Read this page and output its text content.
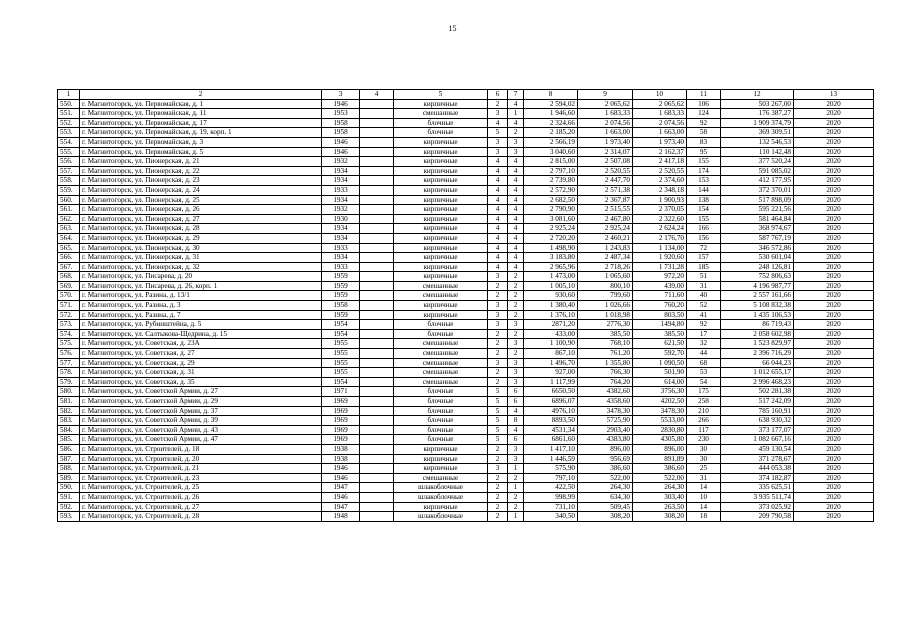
15
1	2	3	4	5	6	7	8	9	10	11	12	13
550.	г. Магнитогорск, ул. Первомайская, д. 1	1946		кирпичные	2	4	2 594,02	2 065,62	2 065,62	106	503 267,00	2020
551.	г. Магнитогорск, ул. Первомайская, д. 11	1953		смешанные	3	1	1 946,60	1 683,33	1 683,33	124	176 387,27	2020
552.	г. Магнитогорск, ул. Первомайская, д. 17	1958		блочные	4	4	2 324,66	2 074,56	2 074,56	92	1 909 374,79	2020
553.	г. Магнитогорск, ул. Первомайская, д. 19, корп. 1	1958		блочные	5	2	2 185,20	1 663,00	1 663,00	58	369 309,51	2020
554.	г. Магнитогорск, ул. Первомайская, д. 3	1946		кирпичные	3	3	2 566,19	1 973,40	1 973,40	83	132 546,53	2020
555.	г. Магнитогорск, ул. Первомайская, д. 5	1946		кирпичные	3	3	3 040,60	2 314,07	2 162,37	95	110 142,48	2020
556.	г. Магнитогорск, ул. Пионерская, д. 21	1932		кирпичные	4	4	2 815,00	2 507,08	2 417,18	155	377 520,24	2020
557.	г. Магнитогорск, ул. Пионерская, д. 22	1934		кирпичные	4	4	2 797,10	2 520,55	2 520,55	174	591 085,02	2020
558.	г. Магнитогорск, ул. Пионерская, д. 23	1934		кирпичные	4	4	2 739,80	2 447,70	2 374,60	153	412 177,95	2020
559.	г. Магнитогорск, ул. Пионерская, д. 24	1933		кирпичные	4	4	2 572,90	2 571,38	2 348,18	144	372 370,01	2020
560.	г. Магнитогорск, ул. Пионерская, д. 25	1934		кирпичные	4	4	2 682,50	2 367,87	1 900,93	138	517 898,09	2020
561.	г. Магнитогорск, ул. Пионерская, д. 26	1932		кирпичные	4	4	2 790,90	2 515,55	2 370,05	154	595 221,56	2020
562.	г. Магнитогорск, ул. Пионерская, д. 27	1930		кирпичные	4	4	3 081,60	2 467,80	2 322,60	155	581 464,84	2020
563.	г. Магнитогорск, ул. Пионерская, д. 28	1934		кирпичные	4	4	2 925,24	2 925,24	2 624,24	166	368 974,67	2020
564.	г. Магнитогорск, ул. Пионерская, д. 29	1934		кирпичные	4	4	2 720,20	2 460,21	2 176,70	156	587 767,19	2020
565.	г. Магнитогорск, ул. Пионерская, д. 30	1933		кирпичные	4	4	1 498,90	1 243,83	1 134,00	72	346 572,86	2020
566.	г. Магнитогорск, ул. Пионерская, д. 31	1934		кирпичные	4	4	3 183,80	2 487,34	1 920,60	157	530 601,04	2020
567.	г. Магнитогорск, ул. Пионерская, д. 32	1933		кирпичные	4	4	2 965,96	2 718,26	1 731,28	185	248 126,81	2020
568.	г. Магнитогорск, ул. Писарева, д. 20	1959		кирпичные	3	2	1 473,00	1 065,60	972,20	51	752 806,63	2020
569.	г. Магнитогорск, ул. Писарева, д. 26, корп. 1	1959		смешанные	2	2	1 005,10	800,10	439,00	31	4 196 987,77	2020
570.	г. Магнитогорск, ул. Разина, д. 13/1	1959		смешанные	2	2	930,60	799,60	711,60	40	2 557 161,66	2020
571.	г. Магнитогорск, ул. Разина, д. 3	1958		кирпичные	3	2	1 380,40	1 026,66	760,20	52	5 108 832,38	2020
572.	г. Магнитогорск, ул. Разина, д. 7	1959		кирпичные	3	2	1 376,10	1 018,98	803,50	41	1 435 106,53	2020
573.	г. Магнитогорск, ул. Рубинштейна, д. 5	1954		блочные	3	3	2871,20	2776,30	1494,80	92	86 719,43	2020
574.	г. Магнитогорск, ул. Салтыкова-Щедрина, д. 15	1954		блочные	2	2	433,00	385,50	385,50	17	2 058 602,98	2020
575.	г. Магнитогорск, ул. Советская, д. 23А	1955		смешанные	2	3	1 100,90	768,10	621,50	32	1 523 829,97	2020
576.	г. Магнитогорск, ул. Советская, д. 27	1955		смешанные	2	2	867,10	761,20	592,70	44	2 396 716,29	2020
577.	г. Магнитогорск, ул. Советская, д. 29	1955		смешанные	3	3	1 496,70	1 355,80	1 090,50	68	66 044,23	2020
578.	г. Магнитогорск, ул. Советская, д. 31	1955		смешанные	2	3	927,00	766,30	501,90	53	1 012 655,17	2020
579.	г. Магнитогорск, ул. Советская, д. 35	1954		смешанные	2	3	1 117,99	764,20	614,00	54	2 996 468,23	2020
580.	г. Магнитогорск, ул. Советской Армии, д. 27	1971		блочные	5	6	6650,50	4382,60	3756,30	175	502 281,38	2020
581.	г. Магнитогорск, ул. Советской Армии, д. 29	1969		блочные	5	6	6896,07	4358,60	4202,50	258	517 242,09	2020
582.	г. Магнитогорск, ул. Советской Армии, д. 37	1969		блочные	5	4	4976,10	3478,30	3478,30	210	785 160,91	2020
583.	г. Магнитогорск, ул. Советской Армии, д. 39	1969		блочные	5	8	8893,50	5725,90	5533,00	266	638 930,32	2020
584.	г. Магнитогорск, ул. Советской Армии, д. 43	1969		блочные	5	4	4531,34	2903,40	2830,80	117	373 177,07	2020
585.	г. Магнитогорск, ул. Советской Армии, д. 47	1969		блочные	5	6	6861,60	4383,80	4305,80	230	1 082 667,16	2020
586.	г. Магнитогорск, ул. Строителей, д. 18	1938		кирпичные	2	3	1 417,10	896,00	896,00	30	459 130,54	2020
587.	г. Магнитогорск, ул. Строителей, д. 20	1938		кирпичные	2	3	1 446,59	956,69	891,89	30	371 278,67	2020
588.	г. Магнитогорск, ул. Строителей, д. 21	1946		кирпичные	3	1	575,90	386,60	386,60	25	444 053,38	2020
589.	г. Магнитогорск, ул. Строителей, д. 23	1946		смешанные	2	2	797,10	522,00	522,00	31	374 182,87	2020
590.	г. Магнитогорск, ул. Строителей, д. 25	1947		шлакоблочные	2	1	422,50	264,30	264,30	14	335 625,51	2020
591.	г. Магнитогорск, ул. Строителей, д. 26	1946		шлакоблочные	2	2	998,99	634,30	303,40	10	3 935 511,74	2020
592.	г. Магнитогорск, ул. Строителей, д. 27	1947		кирпичные	2	2	731,10	509,45	263,50	14	373 025,92	2020
593.	г. Магнитогорск, ул. Строителей, д. 28	1948		шлакоблочные	2	1	340,50	308,20	308,20	18	209 790,58	2020
